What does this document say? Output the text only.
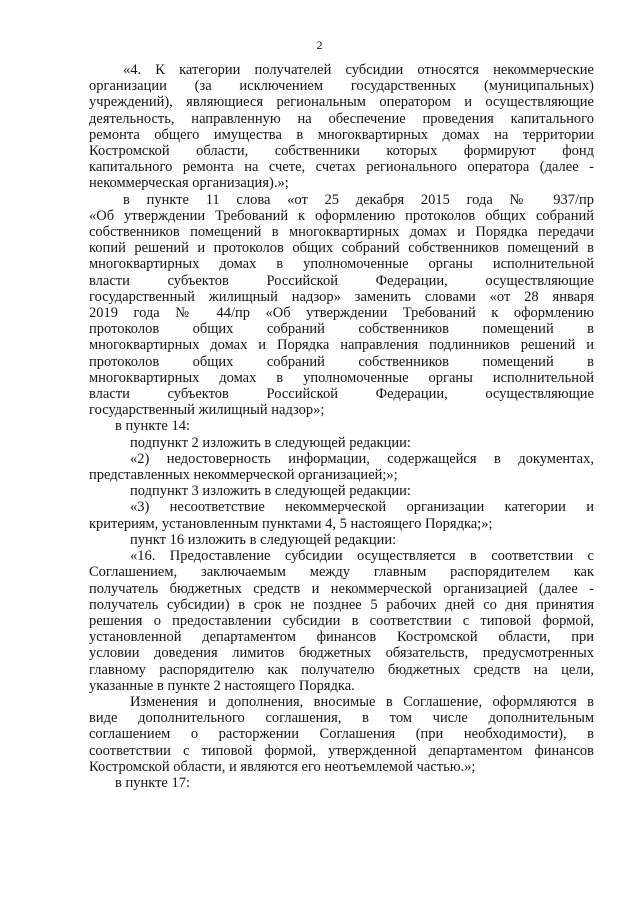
2
«4. К категории получателей субсидии относятся некоммерческие
организации (за исключением государственных (муниципальных)
учреждений), являющиеся региональным оператором и осуществляющие
деятельность, направленную на обеспечение проведения капитального
ремонта общего имущества в многоквартирных домах на территории
Костромской области, собственники которых формируют фонд
капитального ремонта на счете, счетах регионального оператора (далее -
некоммерческая организация).»;
в пункте 11 слова «от 25 декабря 2015 года № 937/пр
«Об утверждении Требований к оформлению протоколов общих собраний
собственников помещений в многоквартирных домах и Порядка передачи
копий решений и протоколов общих собраний собственников помещений в
многоквартирных домах в уполномоченные органы исполнительной
власти субъектов Российской Федерации, осуществляющие
государственный жилищный надзор» заменить словами «от 28 января
2019 года № 44/пр «Об утверждении Требований к оформлению
протоколов общих собраний собственников помещений в
многоквартирных домах и Порядка направления подлинников решений и
протоколов общих собраний собственников помещений в
многоквартирных домах в уполномоченные органы исполнительной
власти субъектов Российской Федерации, осуществляющие
государственный жилищный надзор»;
в пункте 14:
подпункт 2 изложить в следующей редакции:
«2) недостоверность информации, содержащейся в документах,
представленных некоммерческой организацией;»;
подпункт 3 изложить в следующей редакции:
«3) несоответствие некоммерческой организации категории и
критериям, установленным пунктами 4, 5 настоящего Порядка;»;
пункт 16 изложить в следующей редакции:
«16. Предоставление субсидии осуществляется в соответствии с
Соглашением, заключаемым между главным распорядителем как
получатель бюджетных средств и некоммерческой организацией (далее -
получатель субсидии) в срок не позднее 5 рабочих дней со дня принятия
решения о предоставлении субсидии в соответствии с типовой формой,
установленной департаментом финансов Костромской области, при
условии доведения лимитов бюджетных обязательств, предусмотренных
главному распорядителю как получателю бюджетных средств на цели,
указанные в пункте 2 настоящего Порядка.
Изменения и дополнения, вносимые в Соглашение, оформляются в
виде дополнительного соглашения, в том числе дополнительным
соглашением о расторжении Соглашения (при необходимости), в
соответствии с типовой формой, утвержденной департаментом финансов
Костромской области, и являются его неотъемлемой частью.»;
в пункте 17:
